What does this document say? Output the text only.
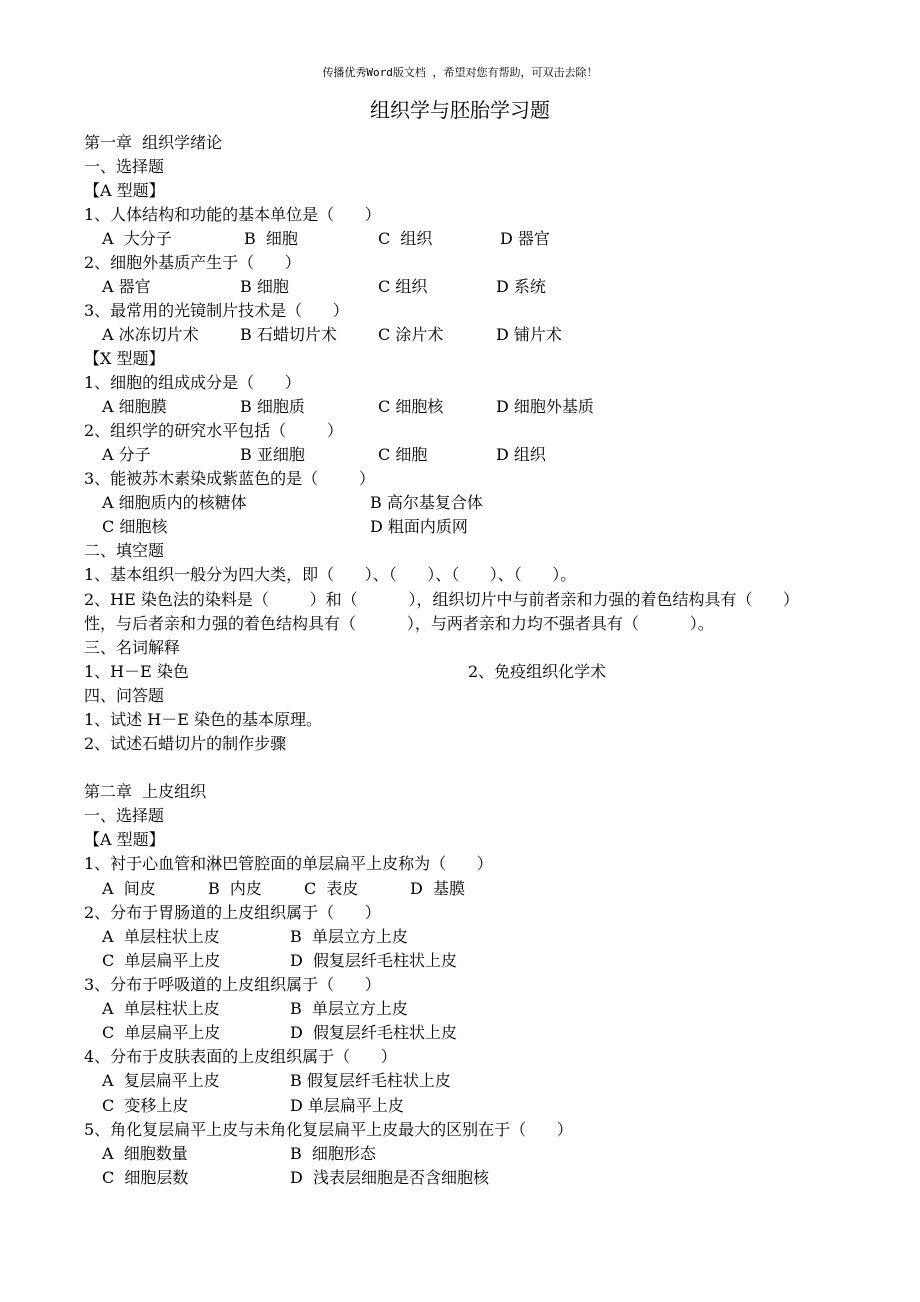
传播优秀Word版文档 ，希望对您有帮助，可双击去除！
组织学与胚胎学习题
第一章  组织学绪论
一、选择题
【A 型题】
1、人体结构和功能的基本单位是（      ）
A  大分子	B  细胞	C  组织	D 器官
2、细胞外基质产生于（      ）
A 器官	B 细胞	C 组织	D 系统
3、最常用的光镜制片技术是（      ）
A 冰冻切片术	B 石蜡切片术	C 涂片术	D 铺片术
【X 型题】
1、细胞的组成成分是（      ）
A 细胞膜	B 细胞质	C 细胞核	D 细胞外基质
2、组织学的研究水平包括（        ）
A 分子	B 亚细胞	C 细胞	D 组织
3、能被苏木素染成紫蓝色的是（        ）
A 细胞质内的核糖体	B 高尔基复合体
C 细胞核	D 粗面内质网
二、填空题
1、基本组织一般分为四大类，即（      ）、（      ）、（      ）、（      ）。
2、HE 染色法的染料是（        ）和（          ），组织切片中与前者亲和力强的着色结构具有（      ）
性，与后者亲和力强的着色结构具有（          ），与两者亲和力均不强者具有（          ）。
三、名词解释
1、H－E 染色	2、免疫组织化学术
四、问答题
1、试述 H－E 染色的基本原理。
2、试述石蜡切片的制作步骤
第二章  上皮组织
一、选择题
【A 型题】
1、衬于心血管和淋巴管腔面的单层扁平上皮称为（      ）
A  间皮	B  内皮	C  表皮	D  基膜
2、分布于胃肠道的上皮组织属于（      ）
A  单层柱状上皮	B  单层立方上皮
C  单层扁平上皮	D  假复层纤毛柱状上皮
3、分布于呼吸道的上皮组织属于（      ）
A  单层柱状上皮	B  单层立方上皮
C  单层扁平上皮	D  假复层纤毛柱状上皮
4、分布于皮肤表面的上皮组织属于（      ）
A  复层扁平上皮	B 假复层纤毛柱状上皮
C  变移上皮	D 单层扁平上皮
5、角化复层扁平上皮与未角化复层扁平上皮最大的区别在于（      ）
A  细胞数量	B  细胞形态
C  细胞层数	D  浅表层细胞是否含细胞核
